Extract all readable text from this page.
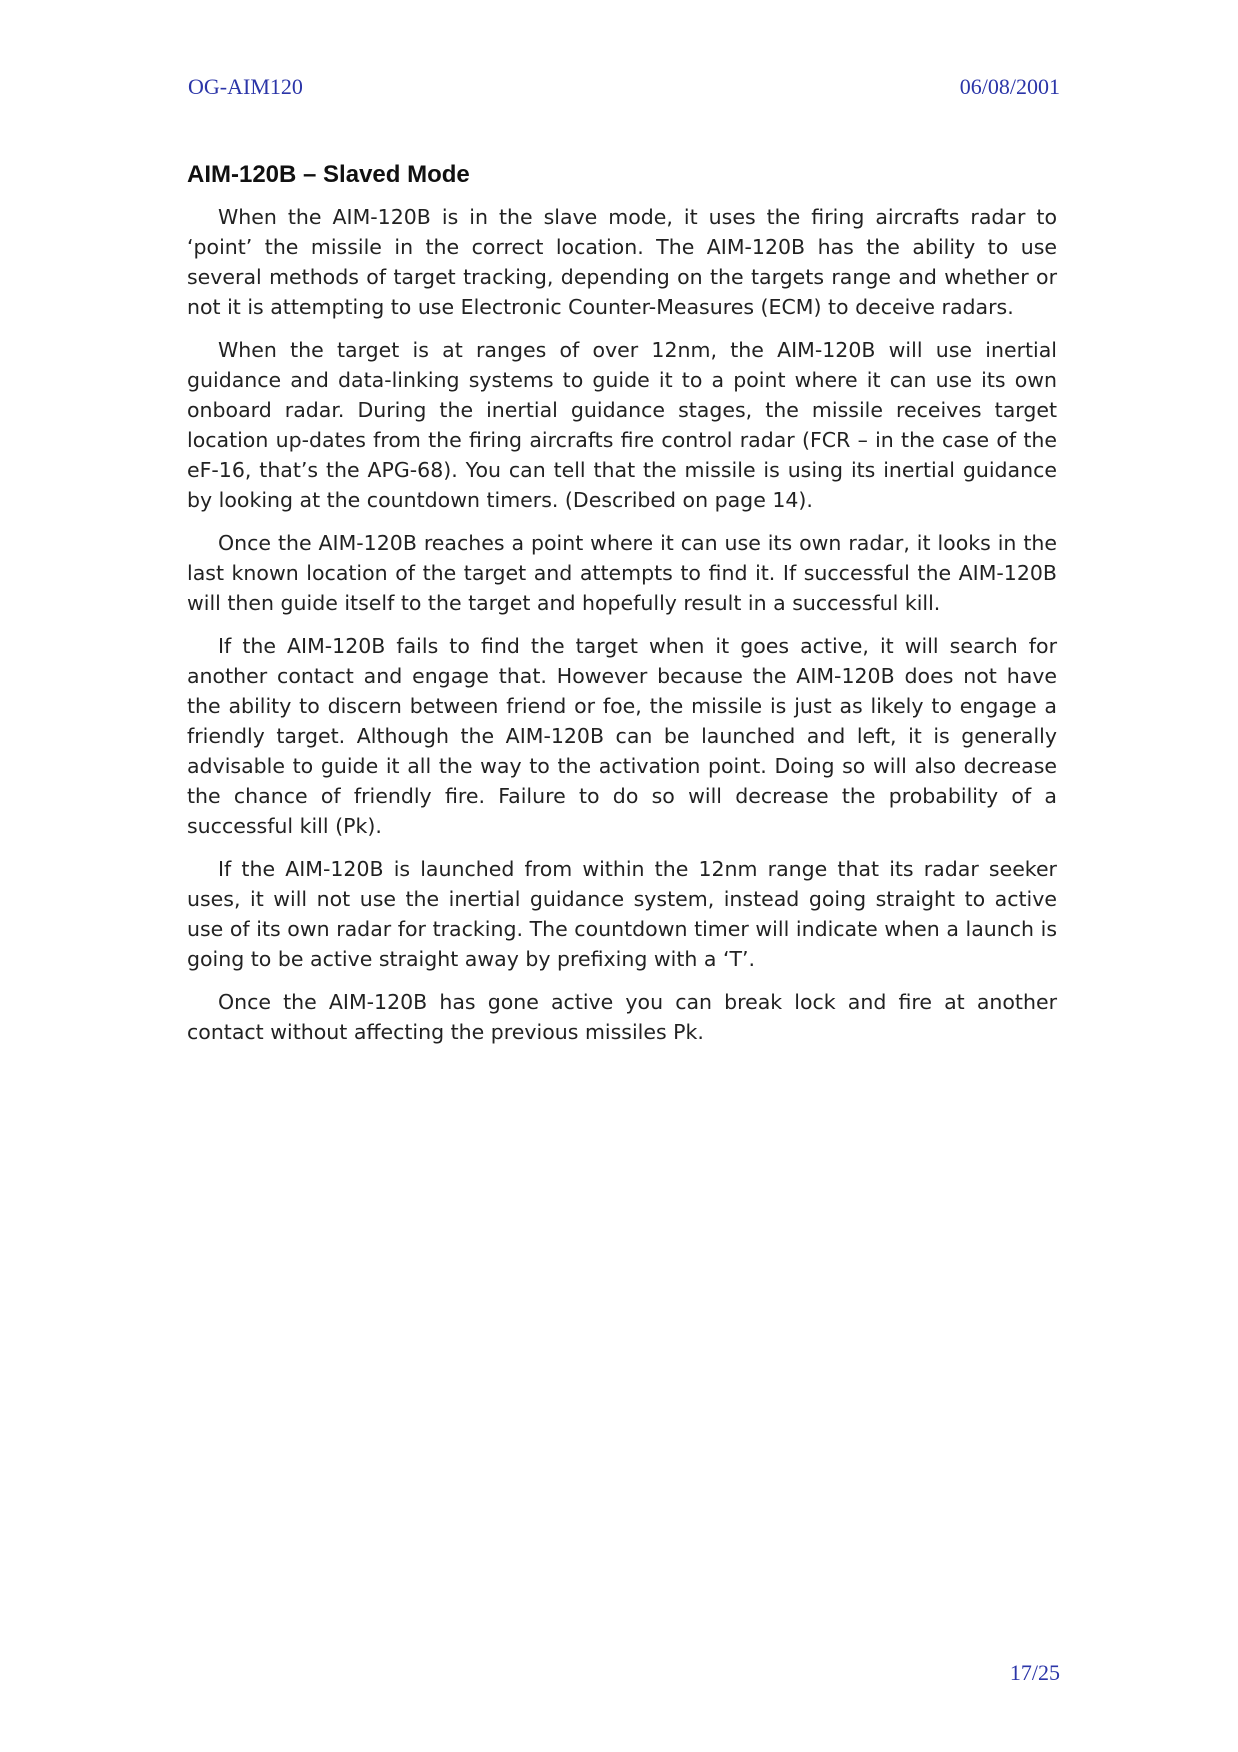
OG-AIM120	06/08/2001
AIM-120B – Slaved Mode

When the AIM-120B is in the slave mode, it uses the firing aircrafts radar to ‘point’ the missile in the correct location. The AIM-120B has the ability to use several methods of target tracking, depending on the targets range and whether or not it is attempting to use Electronic Counter-Measures (ECM) to deceive radars.

When the target is at ranges of over 12nm, the AIM-120B will use inertial guidance and data-linking systems to guide it to a point where it can use its own onboard radar. During the inertial guidance stages, the missile receives target location up-dates from the firing aircrafts fire control radar (FCR – in the case of the eF-16, that’s the APG-68). You can tell that the missile is using its inertial guidance by looking at the countdown timers. (Described on page 14).

Once the AIM-120B reaches a point where it can use its own radar, it looks in the last known location of the target and attempts to find it. If successful the AIM-120B will then guide itself to the target and hopefully result in a successful kill.

If the AIM-120B fails to find the target when it goes active, it will search for another contact and engage that. However because the AIM-120B does not have the ability to discern between friend or foe, the missile is just as likely to engage a friendly target. Although the AIM-120B can be launched and left, it is generally advisable to guide it all the way to the activation point. Doing so will also decrease the chance of friendly fire. Failure to do so will decrease the probability of a successful kill (Pk).

If the AIM-120B is launched from within the 12nm range that its radar seeker uses, it will not use the inertial guidance system, instead going straight to active use of its own radar for tracking. The countdown timer will indicate when a launch is going to be active straight away by prefixing with a ‘T’.

Once the AIM-120B has gone active you can break lock and fire at another contact without affecting the previous missiles Pk.

17/25
